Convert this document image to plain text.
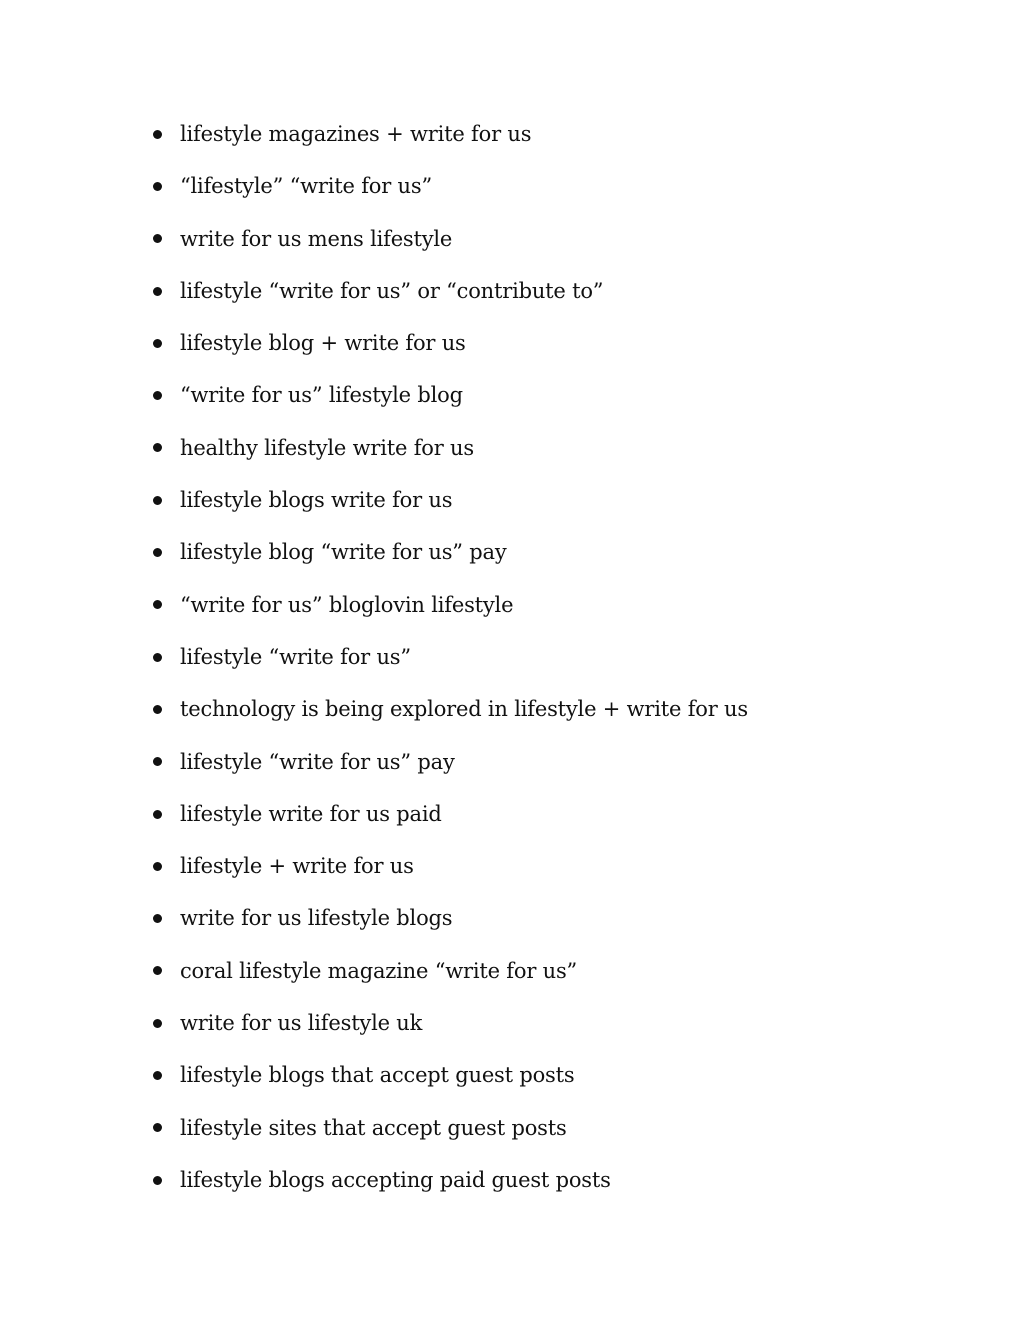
lifestyle magazines + write for us
“lifestyle” “write for us”
write for us mens lifestyle
lifestyle “write for us” or “contribute to”
lifestyle blog + write for us
“write for us” lifestyle blog
healthy lifestyle write for us
lifestyle blogs write for us
lifestyle blog “write for us” pay
“write for us” bloglovin lifestyle
lifestyle “write for us”
technology is being explored in lifestyle + write for us
lifestyle “write for us” pay
lifestyle write for us paid
lifestyle + write for us
write for us lifestyle blogs
coral lifestyle magazine “write for us”
write for us lifestyle uk
lifestyle blogs that accept guest posts
lifestyle sites that accept guest posts
lifestyle blogs accepting paid guest posts
